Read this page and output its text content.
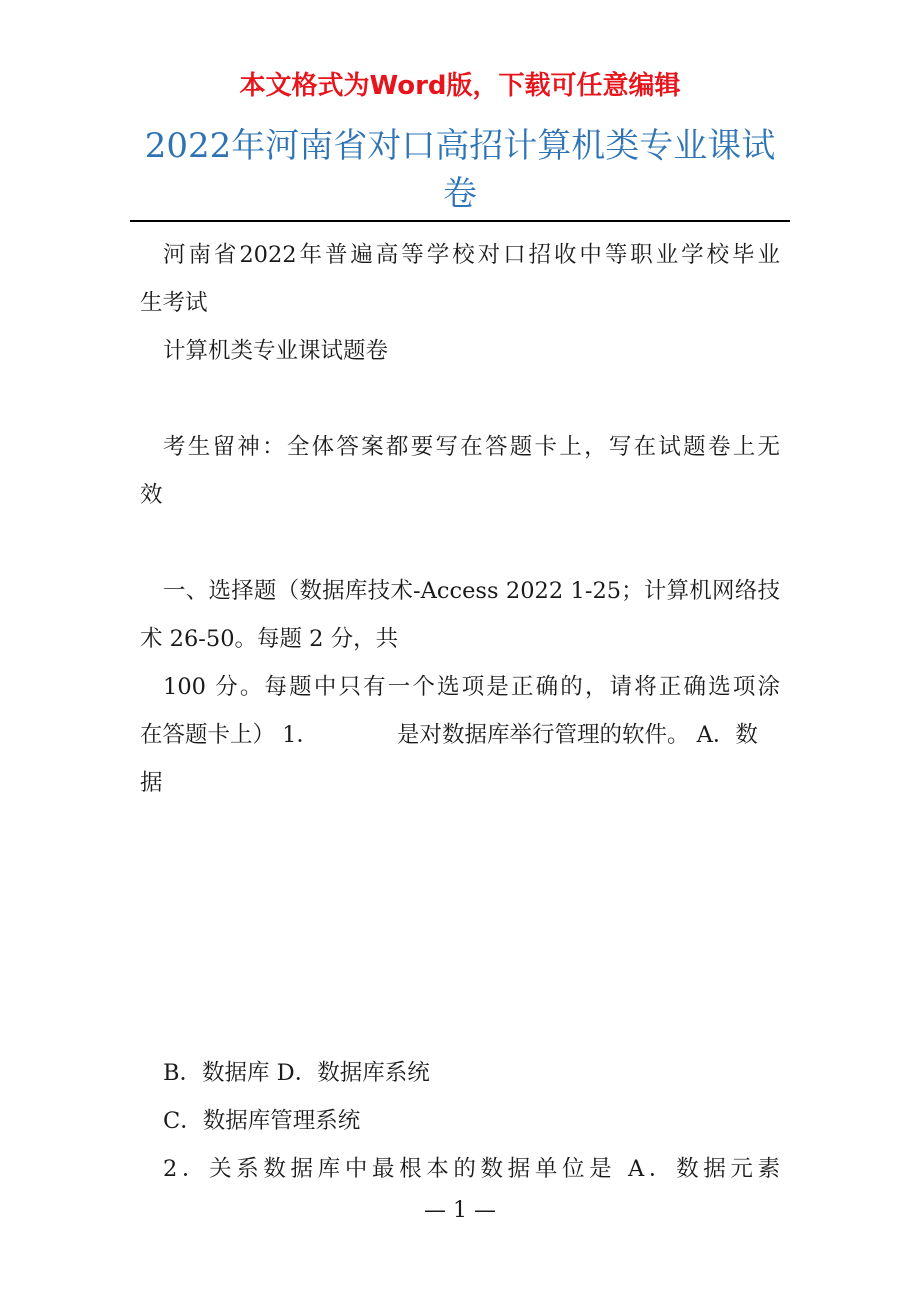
本文格式为Word版，下载可任意编辑
2022年河南省对口高招计算机类专业课试
卷
河南省2022年普遍高等学校对口招收中等职业学校毕业
生考试
计算机类专业课试题卷
考生留神：全体答案都要写在答题卡上，写在试题卷上无
效
一、选择题（数据库技术-Access 2022 1-25；计算机网络技
术 26-50。每题 2 分，共
100 分。每题中只有一个选项是正确的，请将正确选项涂
在答题卡上） 1．	是对数据库举行管理的软件。 A．数
据
B．数据库 D．数据库系统
C．数据库管理系统
2．关系数据库中最根本的数据单位是 A．数据元素
— 1 —
